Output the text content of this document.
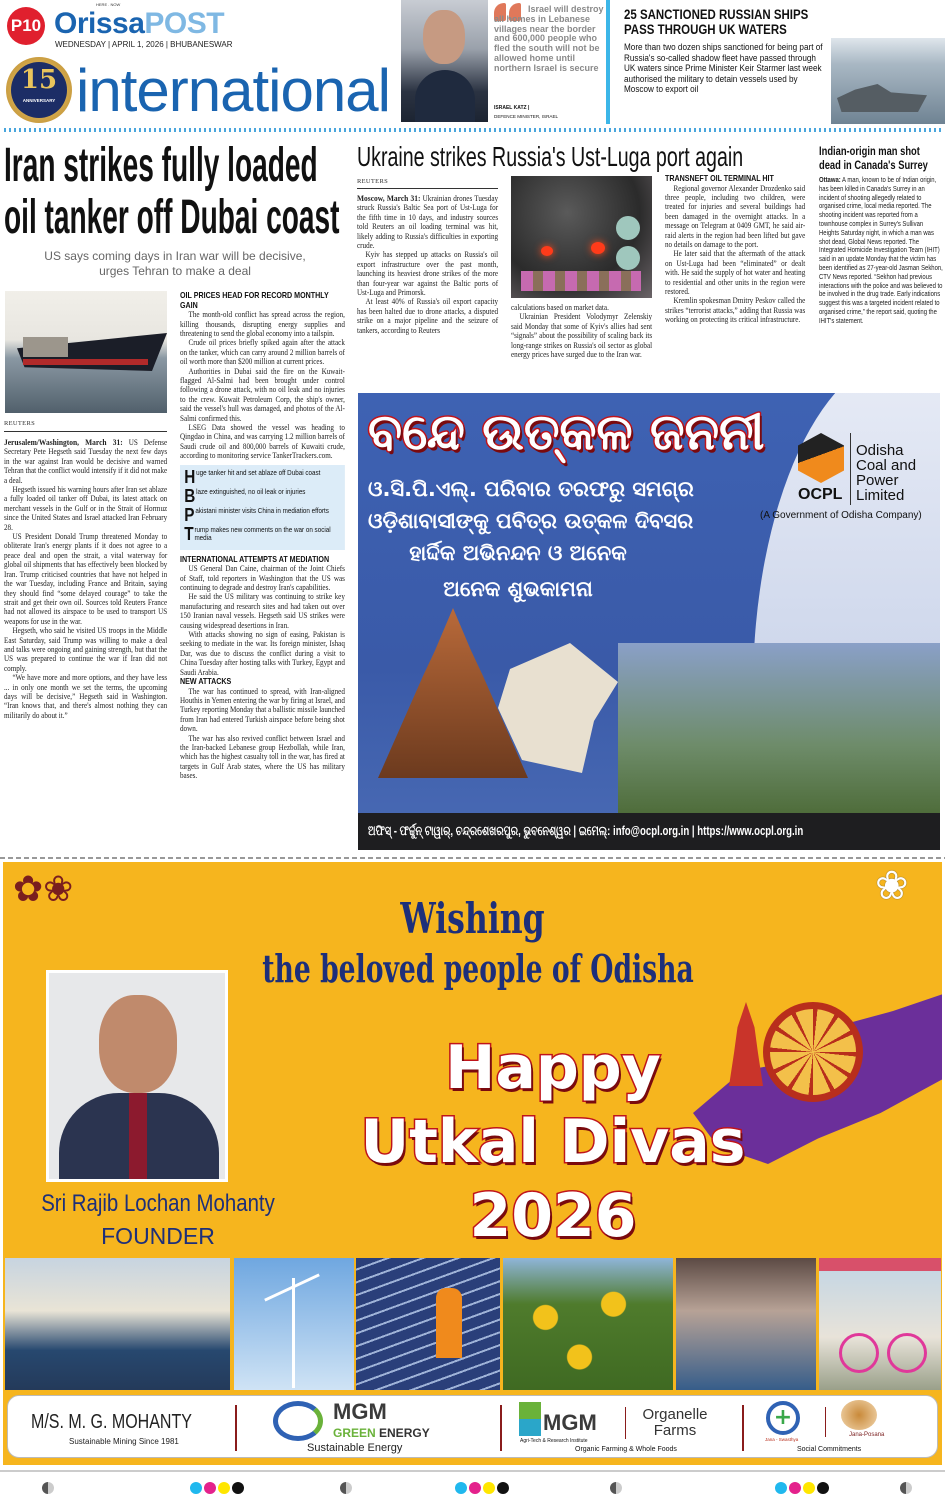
P10 OrissaPOST
HERE . NOW
WEDNESDAY | APRIL 1, 2026 | BHUBANESWAR
15
ANNIVERSARY international
Israel will destroy all homes in Lebanese villages near the border and 600,000 people who fled the south will not be allowed home until northern Israel is secure
ISRAEL KATZ |
DEFENCE MINISTER, ISRAEL
25 SANCTIONED RUSSIAN SHIPS PASS THROUGH UK WATERS
More than two dozen ships sanctioned for being part of Russia's so-called shadow fleet have passed through UK waters since Prime Minister Keir Starmer last week authorised the military to detain vessels used by Moscow to export oil
Iran strikes fully loaded oil tanker off Dubai coast
US says coming days in Iran war will be decisive, urges Tehran to make a deal
REUTERS

Jerusalem/Washington, March 31: US Defense Secretary Pete Hegseth said Tuesday the next few days in the war against Iran would be decisive and warned Tehran that the conflict would intensify if it did not make a deal.

Hegseth issued his warning hours after Iran set ablaze a fully loaded oil tanker off Dubai, its latest attack on merchant vessels in the Gulf or in the Strait of Hormuz since the United States and Israel attacked Iran February 28.

US President Donald Trump threatened Monday to obliterate Iran's energy plants if it does not agree to a peace deal and open the strait, a vital waterway for global oil shipments that has effectively been blocked by Iran. Trump criticised countries that have not helped in the war Tuesday, including France and Britain, saying they should find “some delayed courage” to take the strait and get their own oil. Sources told Reuters France had not allowed its airspace to be used to transport US weapons for use in the war.

Hegseth, who said he visited US troops in the Middle East Saturday, said Trump was willing to make a deal and talks were ongoing and gaining strength, but that the US was prepared to continue the war if Iran did not comply.

“We have more and more options, and they have less ... in only one month we set the terms, the upcoming days will be decisive,” Hegseth said in Washington. “Iran knows that, and there's almost nothing they can militarily do about it.”

OIL PRICES HEAD FOR RECORD MONTHLY GAIN

The month-old conflict has spread across the region, killing thousands, disrupting energy supplies and threatening to send the global economy into a tailspin.

Crude oil prices briefly spiked again after the attack on the tanker, which can carry around 2 million barrels of oil worth more than $200 million at current prices.

Authorities in Dubai said the fire on the Kuwait-flagged Al-Salmi had been brought under control following a drone attack, with no oil leak and no injuries to the crew. Kuwait Petroleum Corp, the ship's owner, said the vessel's hull was damaged, and photos of the Al-Salmi confirmed this.

LSEG Data showed the vessel was heading to Qingdao in China, and was carrying 1.2 million barrels of Saudi crude oil and 800,000 barrels of Kuwaiti crude, according to monitoring service TankerTrackers.com.

Huge tanker hit and set ablaze off Dubai coast
Blaze extinguished, no oil leak or injuries
Pakistani minister visits China in mediation efforts
Trump makes new comments on the war on social media
INTERNATIONAL ATTEMPTS AT MEDIATION

US General Dan Caine, chairman of the Joint Chiefs of Staff, told reporters in Washington that the US was continuing to degrade and destroy Iran's capabilities.

He said the US military was continuing to strike key manufacturing and research sites and had taken out over 150 Iranian naval vessels. Hegseth said US strikes were causing widespread desertions in Iran.

With attacks showing no sign of easing, Pakistan is seeking to mediate in the war. Its foreign minister, Ishaq Dar, was due to discuss the conflict during a visit to China Tuesday after hosting talks with Turkey, Egypt and Saudi Arabia.

NEW ATTACKS

The war has continued to spread, with Iran-aligned Houthis in Yemen entering the war by firing at Israel, and Turkey reporting Monday that a ballistic missile launched from Iran had entered Turkish airspace before being shot down.

The war has also revived conflict between Israel and the Iran-backed Lebanese group Hezbollah, while Iran, which has the highest casualty toll in the war, has fired at targets in Gulf Arab states, where the US has military bases.

Ukraine strikes Russia's Ust-Luga port again
REUTERS

Moscow, March 31: Ukrainian drones Tuesday struck Russia's Baltic Sea port of Ust-Luga for the fifth time in 10 days, and industry sources told Reuters an oil loading terminal was hit, likely adding to Russia's difficulties in exporting crude.

Kyiv has stepped up attacks on Russia's oil export infrastructure over the past month, launching its heaviest drone strikes of the more than four-year war against the Baltic ports of Ust-Luga and Primorsk.

At least 40% of Russia's oil export capacity has been halted due to drone attacks, a disputed strike on a major pipeline and the seizure of tankers, according to Reuters

calculations based on market data.

Ukrainian President Volodymyr Zelenskiy said Monday that some of Kyiv's allies had sent “signals” about the possibility of scaling back its long-range strikes on Russia's oil sector as global energy prices have surged due to the Iran war.

TRANSNEFT OIL TERMINAL HIT

Regional governor Alexander Drozdenko said three people, including two children, were treated for injuries and several buildings had been damaged in the overnight attacks. In a message on Telegram at 0409 GMT, he said air-raid alerts in the region had been lifted but gave no details on damage to the port.

He later said that the aftermath of the attack on Ust-Luga had been “eliminated” or dealt with. He said the supply of hot water and heating to residential and other units in the region were restored.

Kremlin spokesman Dmitry Peskov called the strikes “terrorist attacks,” adding that Russia was working on protecting its critical infrastructure.

Indian-origin man shot dead in Canada's Surrey
Ottawa: A man, known to be of Indian origin, has been killed in Canada's Surrey in an incident of shooting allegedly related to organised crime, local media reported. The shooting incident was reported from a townhouse complex in Surrey's Sullivan Heights Saturday night, in which a man was shot dead, Global News reported. The Integrated Homicide Investigation Team (IHIT) said in an update Monday that the victim has been identified as 27-year-old Jasman Sekhon, CTV News reported. “Sekhon had previous interactions with the police and was believed to be involved in the drug trade. Early indications suggest this was a targeted incident related to organised crime,” the report said, quoting the IHIT's statement.
ବନ୍ଦେ ଉତ୍କଳ ଜନନୀ
ଓ.ସି.ପି.ଏଲ୍. ପରିବାର ତରଫରୁ ସମଗ୍ର
ଓଡ଼ିଶାବାସୀଙ୍କୁ ପବିତ୍ର ଉତ୍କଳ ଦିବସର
ହାର୍ଦ୍ଦିକ ଅଭିନନ୍ଦନ ଓ ଅନେକ
ଅନେକ ଶୁଭକାମନା
OCPL
Odisha
Coal and
Power
Limited
(A Government of Odisha Company)
ଅଫିସ୍ - ଫର୍ଚ୍ଚୁନ୍ ଟାୱାର୍, ଚନ୍ଦ୍ରଶେଖରପୁର, ଭୁବନେଶ୍ୱର | ଇମେଲ୍: info@ocpl.org.in | https://www.ocpl.org.in
✿❀	❀
Wishing
the beloved people of Odisha
Sri Rajib Lochan Mohanty
FOUNDER
Happy
Utkal Divas
2026
M/S. M. G. MOHANTY
Sustainable Mining Since 1981
MGM
GREEN ENERGY
Sustainable Energy
MGM
Agri-Tech & Research Institute
Organelle Farms
Organic Farming & Whole Foods
+
Jana - Swasthya
Jana-Posana
Social Commitments
